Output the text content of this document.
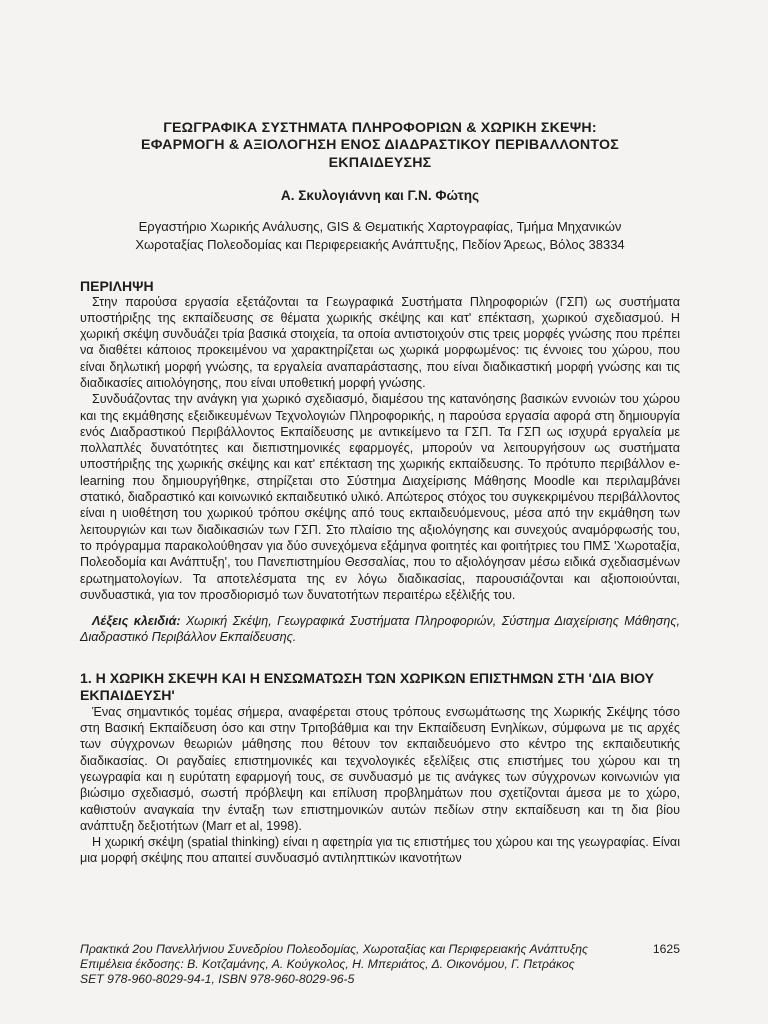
ΓΕΩΓΡΑΦΙΚΑ ΣΥΣΤΗΜΑΤΑ ΠΛΗΡΟΦΟΡΙΩΝ & ΧΩΡΙΚΗ ΣΚΕΨΗ:
ΕΦΑΡΜΟΓΗ & ΑΞΙΟΛΟΓΗΣΗ ΕΝΟΣ ΔΙΑΔΡΑΣΤΙΚΟΥ ΠΕΡΙΒΑΛΛΟΝΤΟΣ
ΕΚΠΑΙΔΕΥΣΗΣ

Α. Σκυλογιάννη και Γ.Ν. Φώτης

Εργαστήριο Χωρικής Ανάλυσης, GIS & Θεματικής Χαρτογραφίας, Τμήμα Μηχανικών
Χωροταξίας Πολεοδομίας και Περιφερειακής Ανάπτυξης, Πεδίον Άρεως, Βόλος 38334

ΠΕΡΙΛΗΨΗ

Στην παρούσα εργασία εξετάζονται τα Γεωγραφικά Συστήματα Πληροφοριών (ΓΣΠ) ως συστήματα υποστήριξης της εκπαίδευσης σε θέματα χωρικής σκέψης και κατ' επέκταση, χωρικού σχεδιασμού. Η χωρική σκέψη συνδυάζει τρία βασικά στοιχεία, τα οποία αντιστοιχούν στις τρεις μορφές γνώσης που πρέπει να διαθέτει κάποιος προκειμένου να χαρακτηρίζεται ως χωρικά μορφωμένος: τις έννοιες του χώρου, που είναι δηλωτική μορφή γνώσης, τα εργαλεία αναπαράστασης, που είναι διαδικαστική μορφή γνώσης και τις διαδικασίες αιτιολόγησης, που είναι υποθετική μορφή γνώσης.

Συνδυάζοντας την ανάγκη για χωρικό σχεδιασμό, διαμέσου της κατανόησης βασικών εννοιών του χώρου και της εκμάθησης εξειδικευμένων Τεχνολογιών Πληροφορικής, η παρούσα εργασία αφορά στη δημιουργία ενός Διαδραστικού Περιβάλλοντος Εκπαίδευσης με αντικείμενο τα ΓΣΠ. Τα ΓΣΠ ως ισχυρά εργαλεία με πολλαπλές δυνατότητες και διεπιστημονικές εφαρμογές, μπορούν να λειτουργήσουν ως συστήματα υποστήριξης της χωρικής σκέψης και κατ' επέκταση της χωρικής εκπαίδευσης. Το πρότυπο περιβάλλον e-learning που δημιουργήθηκε, στηρίζεται στο Σύστημα Διαχείρισης Μάθησης Moodle και περιλαμβάνει στατικό, διαδραστικό και κοινωνικό εκπαιδευτικό υλικό. Απώτερος στόχος του συγκεκριμένου περιβάλλοντος είναι η υιοθέτηση του χωρικού τρόπου σκέψης από τους εκπαιδευόμενους, μέσα από την εκμάθηση των λειτουργιών και των διαδικασιών των ΓΣΠ. Στο πλαίσιο της αξιολόγησης και συνεχούς αναμόρφωσής του, το πρόγραμμα παρακολούθησαν για δύο συνεχόμενα εξάμηνα φοιτητές και φοιτήτριες του ΠΜΣ 'Χωροταξία, Πολεοδομία και Ανάπτυξη', του Πανεπιστημίου Θεσσαλίας, που το αξιολόγησαν μέσω ειδικά σχεδιασμένων ερωτηματολογίων. Τα αποτελέσματα της εν λόγω διαδικασίας, παρουσιάζονται και αξιοποιούνται, συνδυαστικά, για τον προσδιορισμό των δυνατοτήτων περαιτέρω εξέλιξής του.

Λέξεις κλειδιά: Χωρική Σκέψη, Γεωγραφικά Συστήματα Πληροφοριών, Σύστημα Διαχείρισης Μάθησης, Διαδραστικό Περιβάλλον Εκπαίδευσης.

1. Η ΧΩΡΙΚΗ ΣΚΕΨΗ ΚΑΙ Η ΕΝΣΩΜΑΤΩΣΗ ΤΩΝ ΧΩΡΙΚΩΝ ΕΠΙΣΤΗΜΩΝ ΣΤΗ 'ΔΙΑ ΒΙΟΥ ΕΚΠΑΙΔΕΥΣΗ'

Ένας σημαντικός τομέας σήμερα, αναφέρεται στους τρόπους ενσωμάτωσης της Χωρικής Σκέψης τόσο στη Βασική Εκπαίδευση όσο και στην Τριτοβάθμια και την Εκπαίδευση Ενηλίκων, σύμφωνα με τις αρχές των σύγχρονων θεωριών μάθησης που θέτουν τον εκπαιδευόμενο στο κέντρο της εκπαιδευτικής διαδικασίας. Οι ραγδαίες επιστημονικές και τεχνολογικές εξελίξεις στις επιστήμες του χώρου και τη γεωγραφία και η ευρύτατη εφαρμογή τους, σε συνδυασμό με τις ανάγκες των σύγχρονων κοινωνιών για βιώσιμο σχεδιασμό, σωστή πρόβλεψη και επίλυση προβλημάτων που σχετίζονται άμεσα με το χώρο, καθιστούν αναγκαία την ένταξη των επιστημονικών αυτών πεδίων στην εκπαίδευση και τη δια βίου ανάπτυξη δεξιοτήτων (Marr et al, 1998).

Η χωρική σκέψη (spatial thinking) είναι η αφετηρία για τις επιστήμες του χώρου και της γεωγραφίας. Είναι μια μορφή σκέψης που απαιτεί συνδυασμό αντιληπτικών ικανοτήτων

Πρακτικά 2ου Πανελλήνιου Συνεδρίου Πολεοδομίας, Χωροταξίας και Περιφερειακής Ανάπτυξης	1625
Επιμέλεια έκδοσης: Β. Κοτζαμάνης, Α. Κούγκολος, Η. Μπεριάτος, Δ. Οικονόμου, Γ. Πετράκος
SET 978-960-8029-94-1, ISBN 978-960-8029-96-5
